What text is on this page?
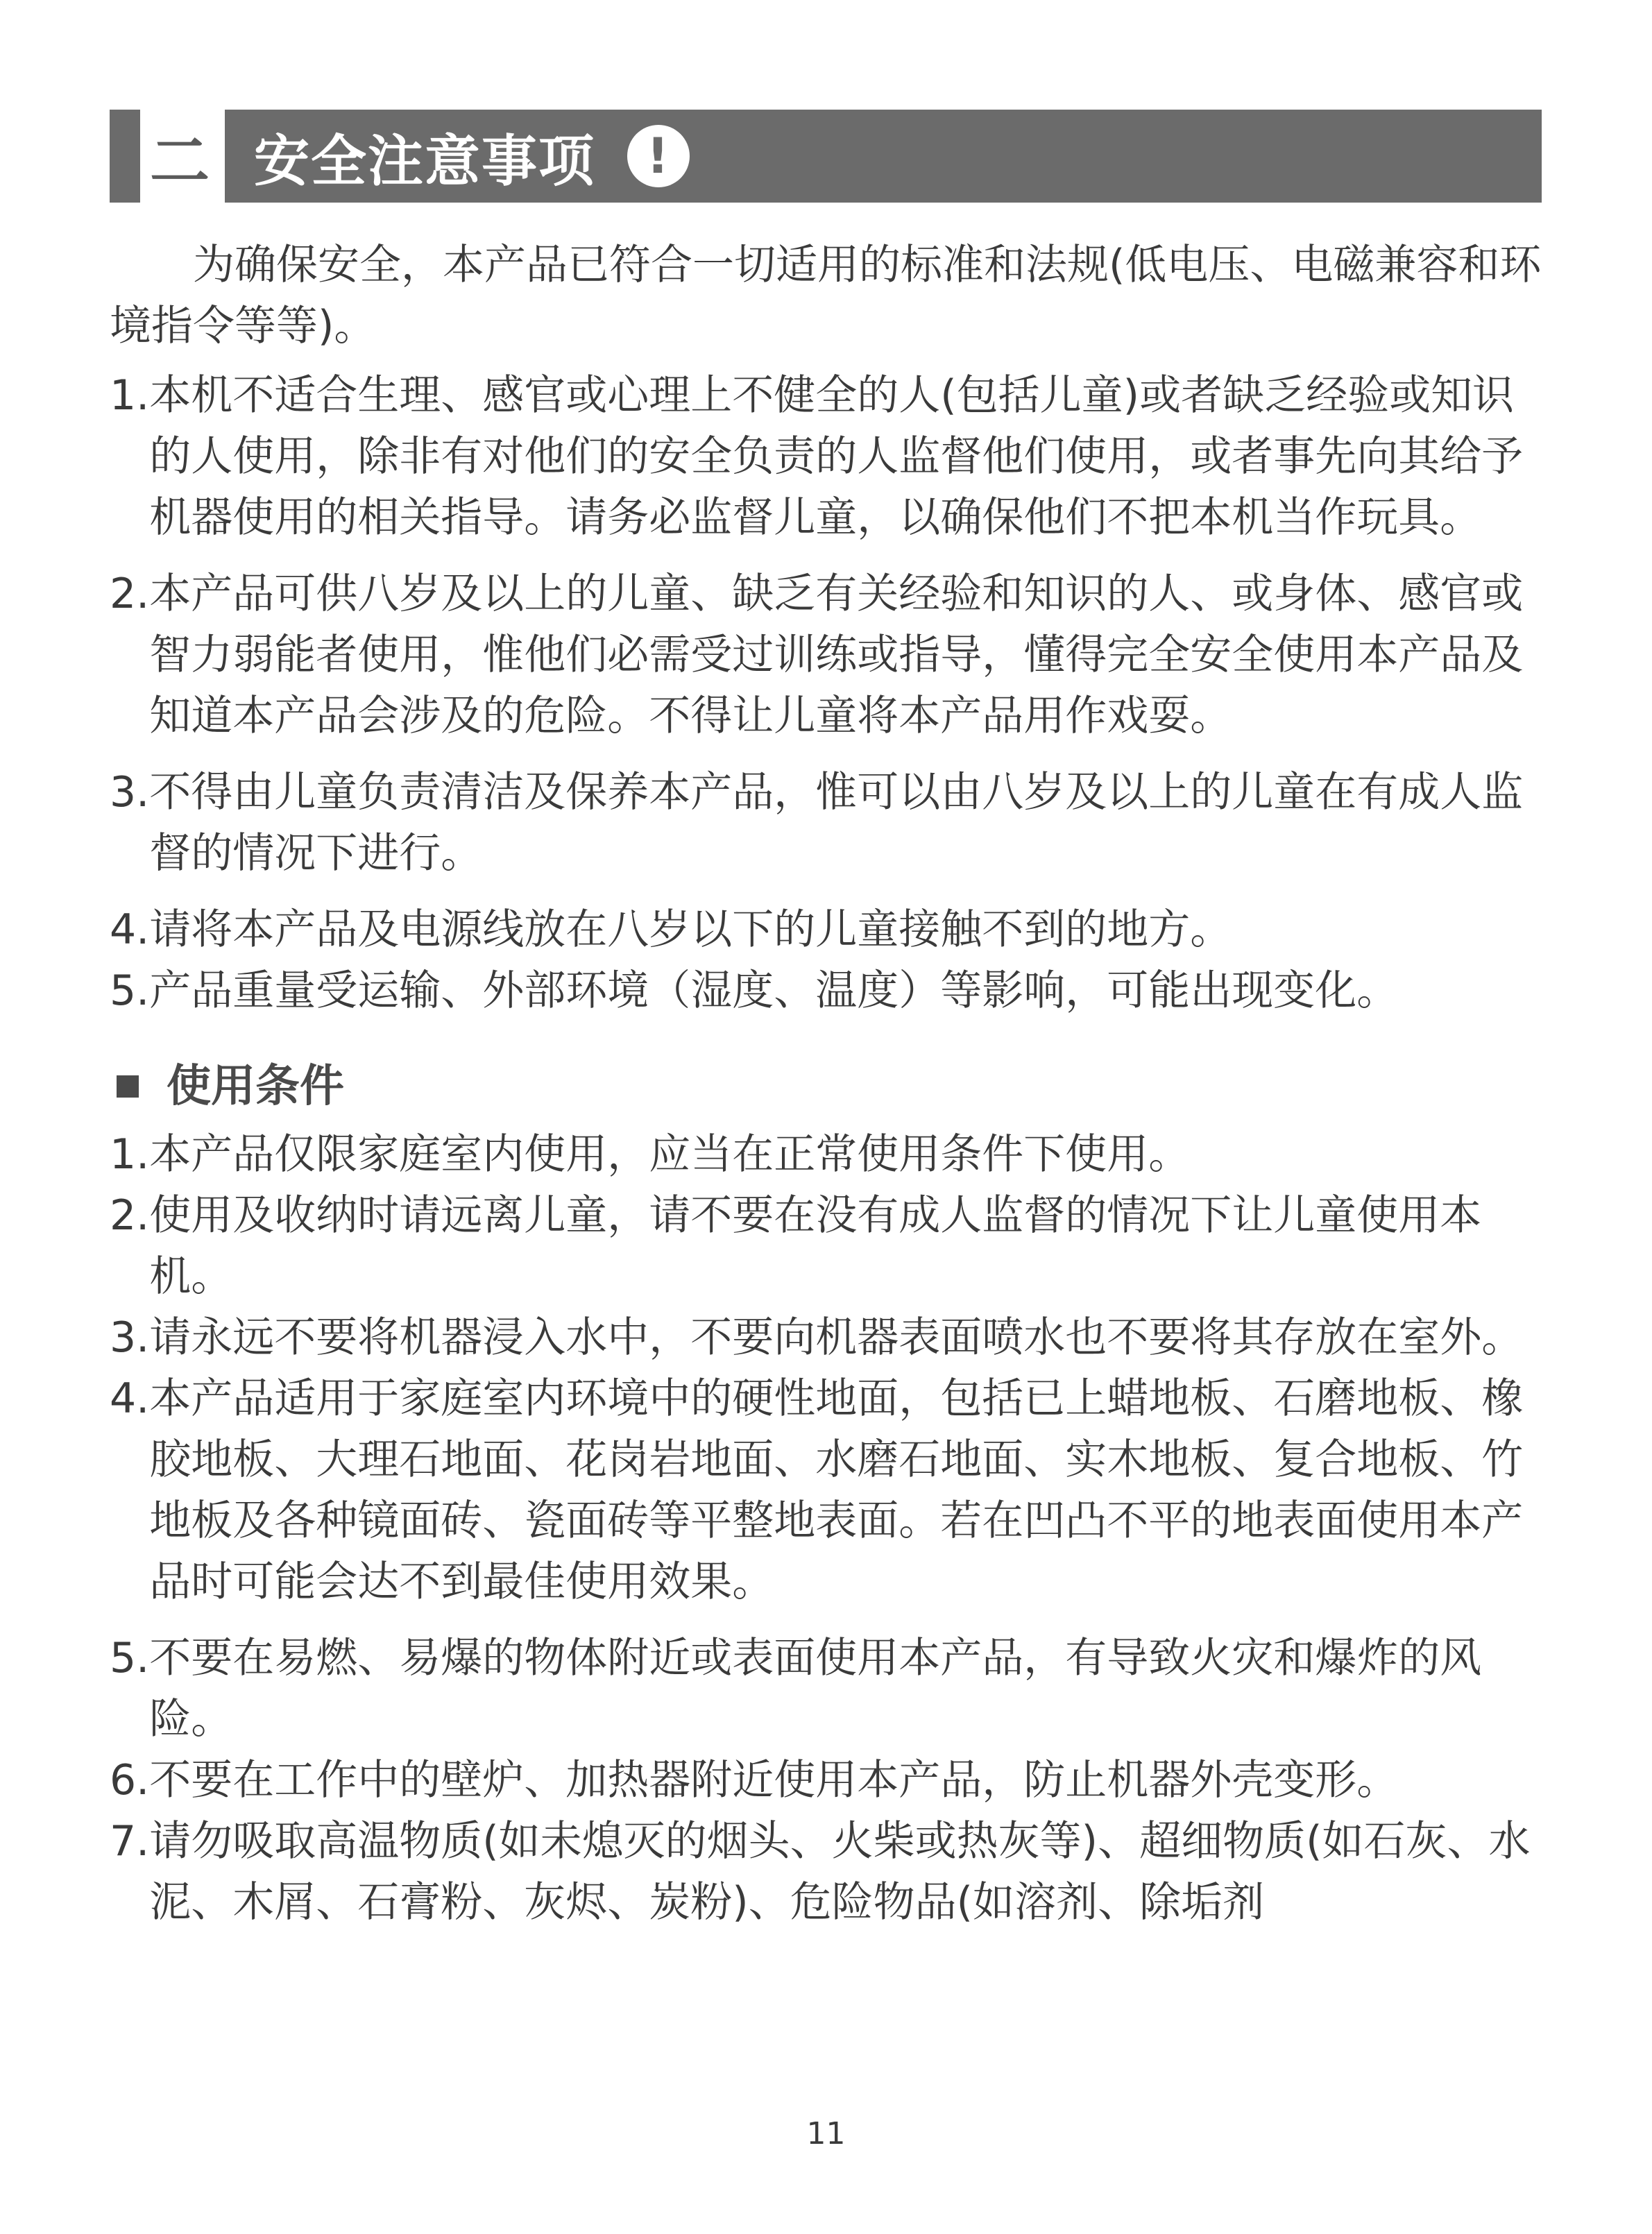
二 安全注意事项	!

为确保安全，本产品已符合一切适用的标准和法规(低电压、电磁兼容和环境指令等等)。

1. 本机不适合生理、感官或心理上不健全的人(包括儿童)或者缺乏经验或知识的人使用，除非有对他们的安全负责的人监督他们使用，或者事先向其给予机器使用的相关指导。请务必监督儿童，以确保他们不把本机当作玩具。
2. 本产品可供八岁及以上的儿童、缺乏有关经验和知识的人、或身体、感官或智力弱能者使用，惟他们必需受过训练或指导，懂得完全安全使用本产品及知道本产品会涉及的危险。不得让儿童将本产品用作戏耍。
3. 不得由儿童负责清洁及保养本产品，惟可以由八岁及以上的儿童在有成人监督的情况下进行。
4. 请将本产品及电源线放在八岁以下的儿童接触不到的地方。
5. 产品重量受运输、外部环境（湿度、温度）等影响，可能出现变化。
使用条件
1. 本产品仅限家庭室内使用，应当在正常使用条件下使用。
2. 使用及收纳时请远离儿童，请不要在没有成人监督的情况下让儿童使用本机。
3. 请永远不要将机器浸入水中，不要向机器表面喷水也不要将其存放在室外。
4. 本产品适用于家庭室内环境中的硬性地面，包括已上蜡地板、石磨地板、橡胶地板、大理石地面、花岗岩地面、水磨石地面、实木地板、复合地板、竹地板及各种镜面砖、瓷面砖等平整地表面。若在凹凸不平的地表面使用本产品时可能会达不到最佳使用效果。
5. 不要在易燃、易爆的物体附近或表面使用本产品，有导致火灾和爆炸的风险。
6. 不要在工作中的壁炉、加热器附近使用本产品，防止机器外壳变形。
7. 请勿吸取高温物质(如未熄灭的烟头、火柴或热灰等)、超细物质(如石灰、水泥、木屑、石膏粉、灰烬、炭粉)、危险物品(如溶剂、除垢剂
11
